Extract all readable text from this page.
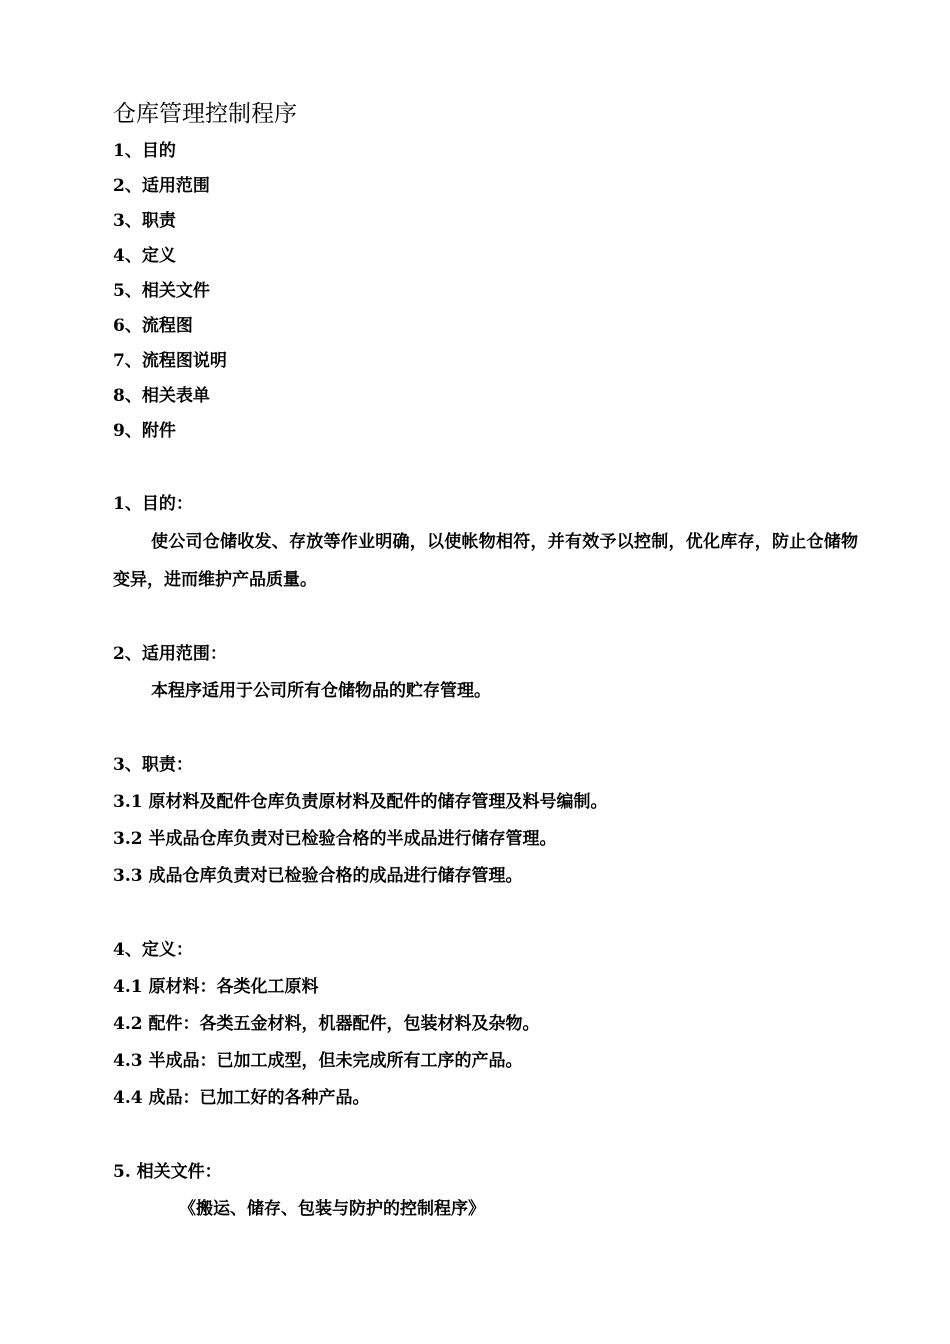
仓库管理控制程序
1、目的
2、适用范围
3、职责
4、定义
5、相关文件
6、流程图
7、流程图说明
8、相关表单
9、附件
1、目的：

使公司仓储收发、存放等作业明确，以使帐物相符，并有效予以控制，优化库存，防止仓储物变异，进而维护产品质量。

2、适用范围：
本程序适用于公司所有仓储物品的贮存管理。
3、职责：
3.1 原材料及配件仓库负责原材料及配件的储存管理及料号编制。
3.2 半成品仓库负责对已检验合格的半成品进行储存管理。
3.3 成品仓库负责对已检验合格的成品进行储存管理。
4、定义：
4.1 原材料：各类化工原料
4.2 配件：各类五金材料，机器配件，包装材料及杂物。
4.3 半成品：已加工成型，但未完成所有工序的产品。
4.4 成品：已加工好的各种产品。
5. 相关文件：
《搬运、储存、包装与防护的控制程序》
